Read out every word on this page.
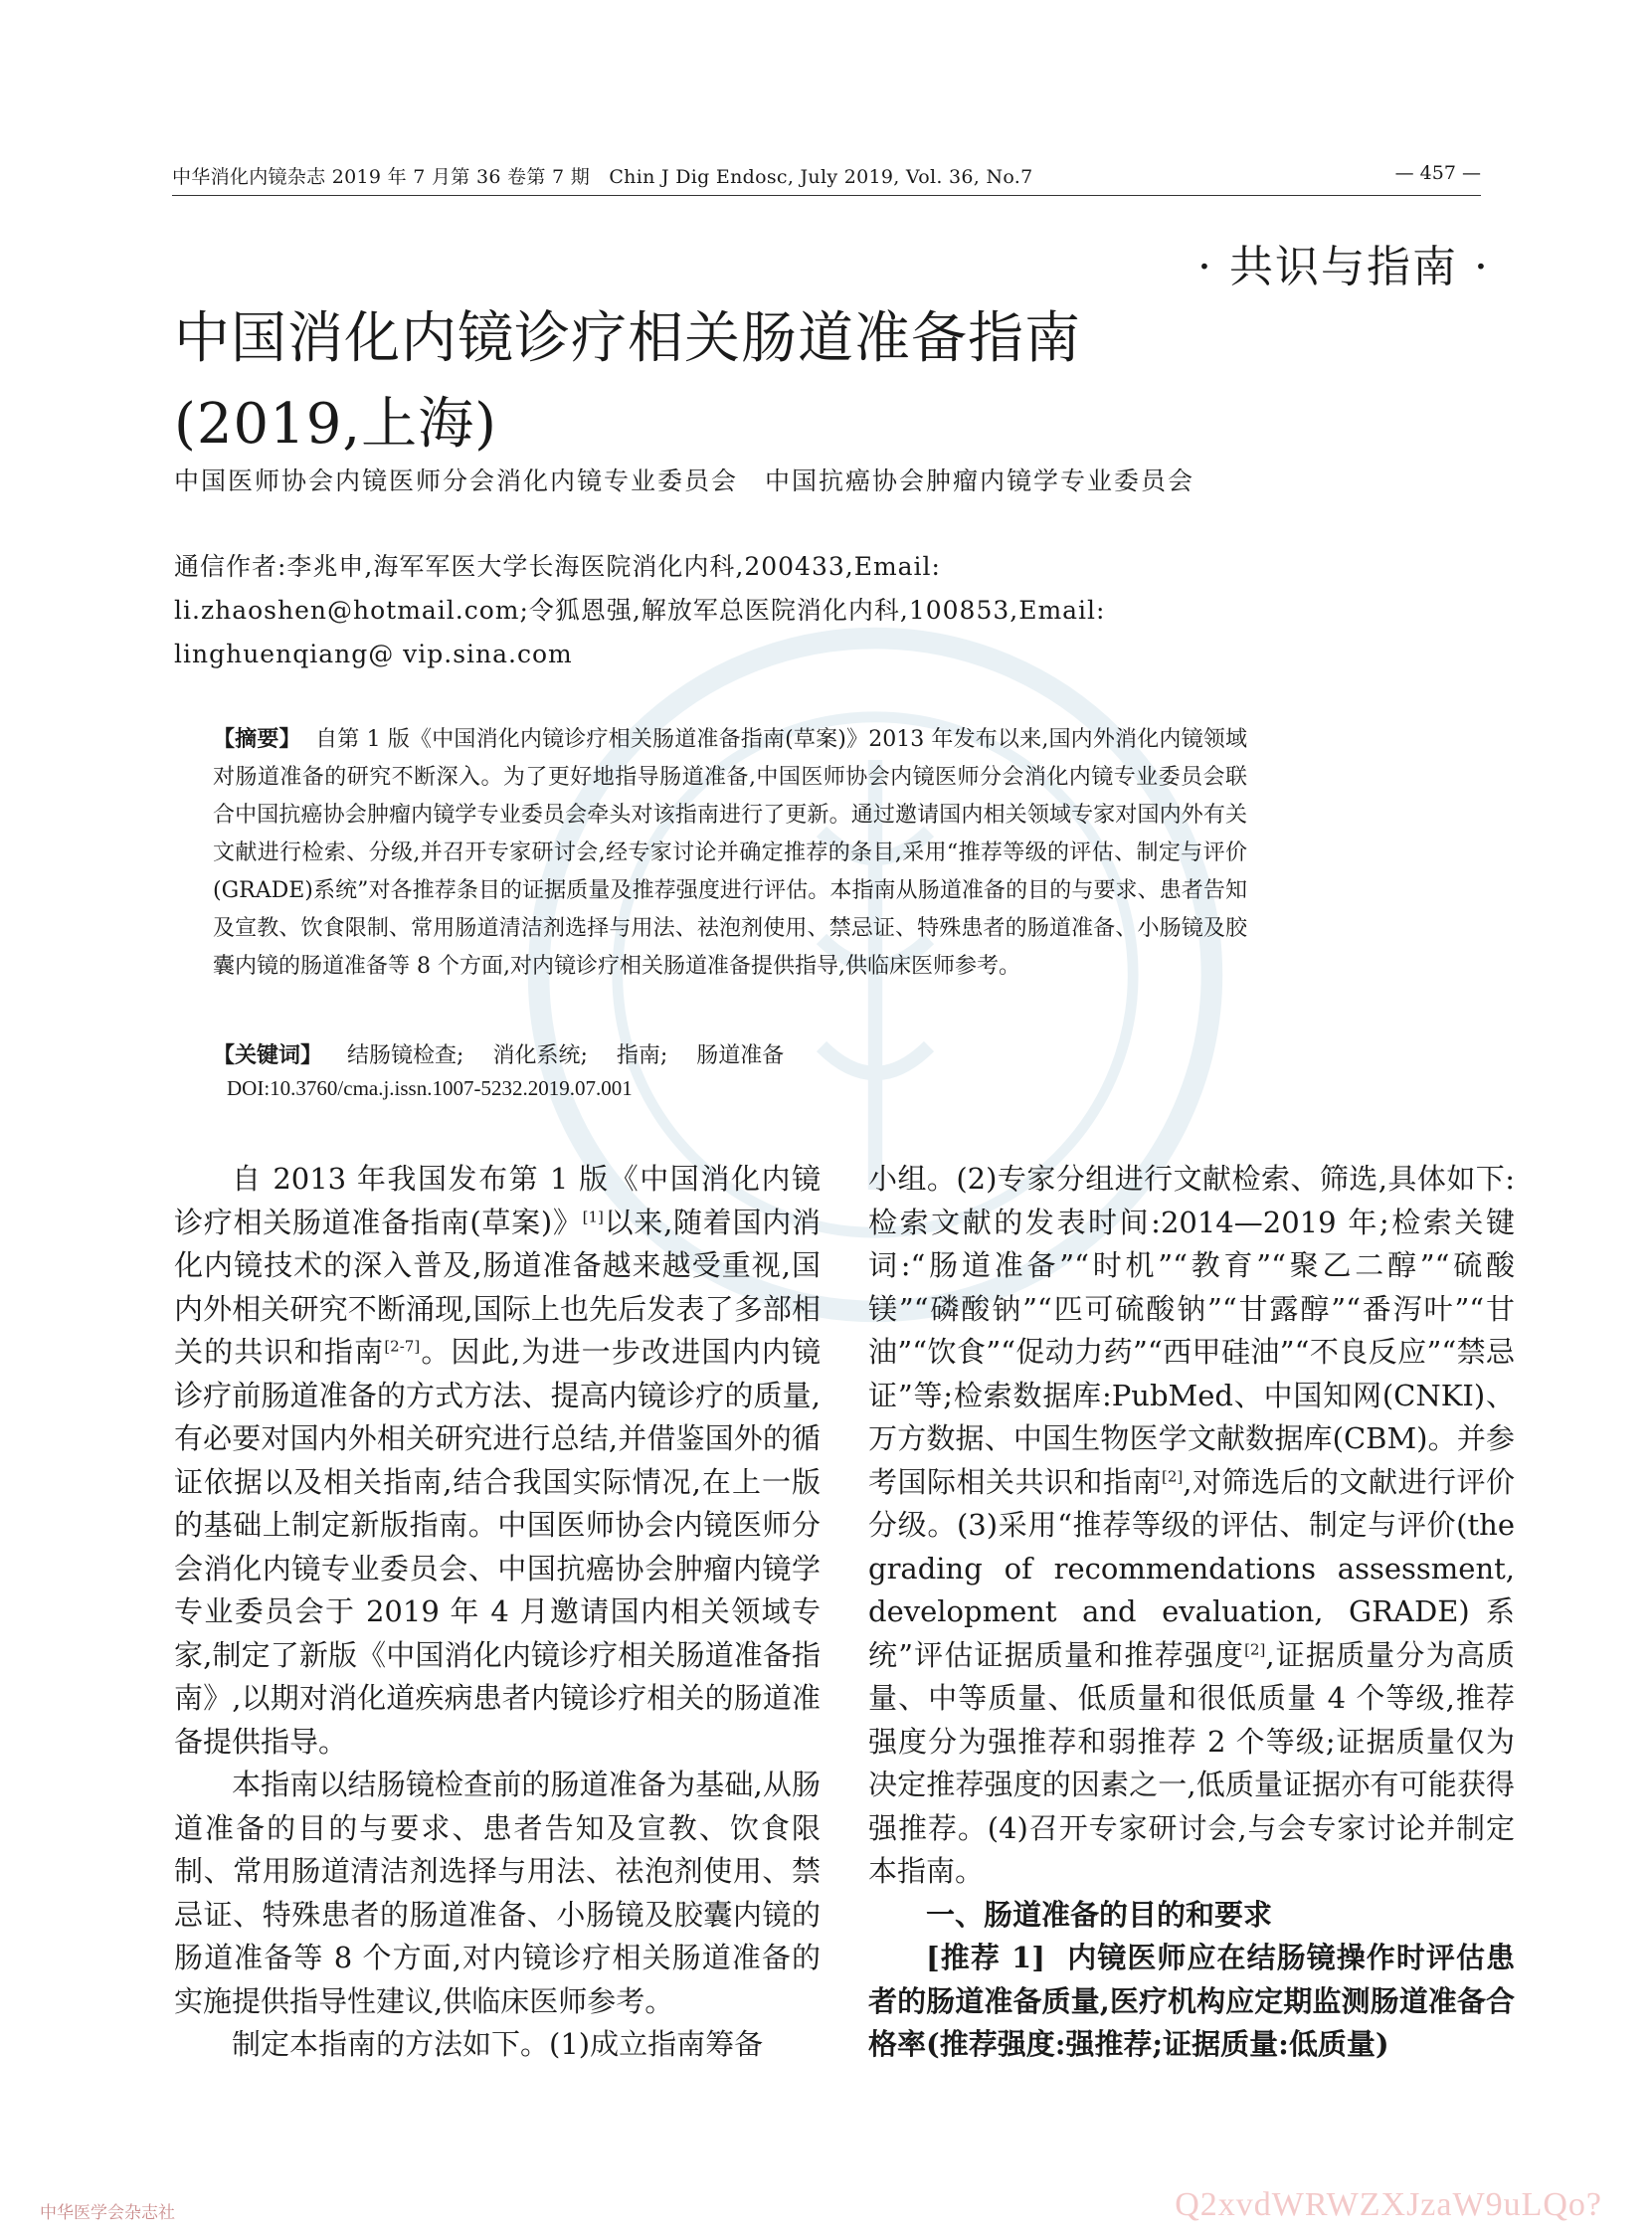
中华消化内镜杂志 2019 年 7 月第 36 卷第 7 期　Chin J Dig Endosc, July 2019, Vol. 36, No.7	— 457 —
· 共识与指南 ·
中国消化内镜诊疗相关肠道准备指南
(2019,上海)
中国医师协会内镜医师分会消化内镜专业委员会　中国抗癌协会肿瘤内镜学专业委员会
通信作者:李兆申,海军军医大学长海医院消化内科,200433,Email: li.zhaoshen@hotmail.com;令狐恩强,解放军总医院消化内科,100853,Email: linghuenqiang@ vip.sina.com
【摘要】 自第 1 版《中国消化内镜诊疗相关肠道准备指南(草案)》2013 年发布以来,国内外消化内镜领域对肠道准备的研究不断深入。为了更好地指导肠道准备,中国医师协会内镜医师分会消化内镜专业委员会联合中国抗癌协会肿瘤内镜学专业委员会牵头对该指南进行了更新。通过邀请国内相关领域专家对国内外有关文献进行检索、分级,并召开专家研讨会,经专家讨论并确定推荐的条目,采用“推荐等级的评估、制定与评价(GRADE)系统”对各推荐条目的证据质量及推荐强度进行评估。本指南从肠道准备的目的与要求、患者告知及宣教、饮食限制、常用肠道清洁剂选择与用法、祛泡剂使用、禁忌证、特殊患者的肠道准备、小肠镜及胶囊内镜的肠道准备等 8 个方面,对内镜诊疗相关肠道准备提供指导,供临床医师参考。
【关键词】 结肠镜检查; 消化系统; 指南; 肠道准备
DOI:10.3760/cma.j.issn.1007-5232.2019.07.001

自 2013 年我国发布第 1 版《中国消化内镜诊疗相关肠道准备指南(草案)》[1]以来,随着国内消化内镜技术的深入普及,肠道准备越来越受重视,国内外相关研究不断涌现,国际上也先后发表了多部相关的共识和指南[2-7]。因此,为进一步改进国内内镜诊疗前肠道准备的方式方法、提高内镜诊疗的质量,有必要对国内外相关研究进行总结,并借鉴国外的循证依据以及相关指南,结合我国实际情况,在上一版的基础上制定新版指南。中国医师协会内镜医师分会消化内镜专业委员会、中国抗癌协会肿瘤内镜学专业委员会于 2019 年 4 月邀请国内相关领域专家,制定了新版《中国消化内镜诊疗相关肠道准备指南》,以期对消化道疾病患者内镜诊疗相关的肠道准备提供指导。

本指南以结肠镜检查前的肠道准备为基础,从肠道准备的目的与要求、患者告知及宣教、饮食限制、常用肠道清洁剂选择与用法、祛泡剂使用、禁忌证、特殊患者的肠道准备、小肠镜及胶囊内镜的肠道准备等 8 个方面,对内镜诊疗相关肠道准备的实施提供指导性建议,供临床医师参考。

制定本指南的方法如下。(1)成立指南筹备

小组。(2)专家分组进行文献检索、筛选,具体如下:检索文献的发表时间:2014—2019 年;检索关键词:“肠道准备”“时机”“教育”“聚乙二醇”“硫酸镁”“磷酸钠”“匹可硫酸钠”“甘露醇”“番泻叶”“甘油”“饮食”“促动力药”“西甲硅油”“不良反应”“禁忌证”等;检索数据库:PubMed、中国知网(CNKI)、万方数据、中国生物医学文献数据库(CBM)。并参考国际相关共识和指南[2],对筛选后的文献进行评价分级。(3)采用“推荐等级的评估、制定与评价(the grading of recommendations assessment, development and evaluation, GRADE)系统”评估证据质量和推荐强度[2],证据质量分为高质量、中等质量、低质量和很低质量 4 个等级,推荐强度分为强推荐和弱推荐 2 个等级;证据质量仅为决定推荐强度的因素之一,低质量证据亦有可能获得强推荐。(4)召开专家研讨会,与会专家讨论并制定本指南。

一、肠道准备的目的和要求

[推荐 1] 内镜医师应在结肠镜操作时评估患者的肠道准备质量,医疗机构应定期监测肠道准备合格率(推荐强度:强推荐;证据质量:低质量)

中华医学会杂志社	Q2xvdWRWZXJzaW9uLQo?
